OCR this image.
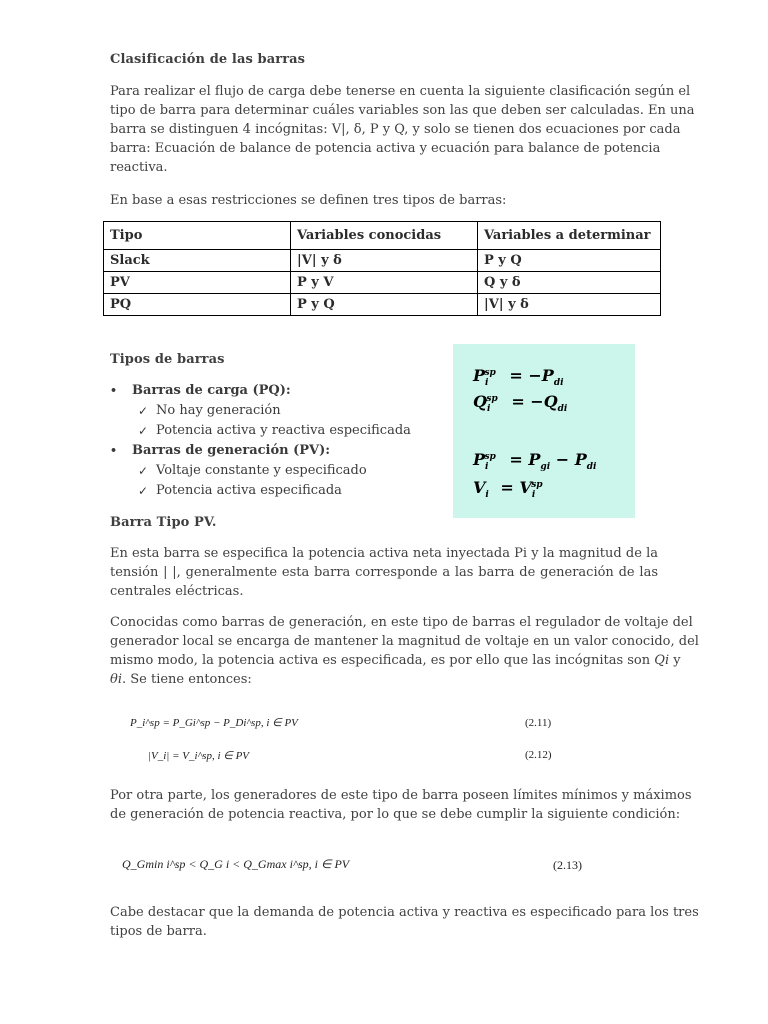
Clasificación de las barras
Para realizar el flujo de carga debe tenerse en cuenta la siguiente clasificación según el
tipo de barra para determinar cuáles variables son las que deben ser calculadas. En una
barra se distinguen 4 incógnitas: V|, δ, P y Q, y solo se tienen dos ecuaciones por cada
barra: Ecuación de balance de potencia activa y ecuación para balance de potencia
reactiva.
En base a esas restricciones se definen tres tipos de barras:
Tipo	Variables conocidas	Variables a determinar
Slack	|V| y δ	P y Q
PV	P y V	Q y δ
PQ	P y Q	|V| y δ
Tipos de barras
• Barras de carga (PQ):
✓ No hay generación
✓ Potencia activa y reactiva especificada
• Barras de generación (PV):
✓ Voltaje constante y especificado
✓ Potencia activa especificada
$P_i^{sp} = -P_{di}$
$Q_i^{sp} = -Q_{di}$
$P_i^{sp} = P_{gi} - P_{di}$
$V_i = V_i^{sp}$
Barra Tipo PV.
En esta barra se especifica la potencia activa neta inyectada Pi y la magnitud de la
tensión | |, generalmente esta barra corresponde a las barra de generación de las
centrales eléctricas.
Conocidas como barras de generación, en este tipo de barras el regulador de voltaje del
generador local se encarga de mantener la magnitud de voltaje en un valor conocido, del
mismo modo, la potencia activa es especificada, es por ello que las incógnitas son Qi y
θi. Se tiene entonces:
P_i^sp = P_Gi^sp − P_Di^sp, i ∈ PV	(2.11)
|V_i| = V_i^sp, i ∈ PV	(2.12)
Por otra parte, los generadores de este tipo de barra poseen límites mínimos y máximos
de generación de potencia reactiva, por lo que se debe cumplir la siguiente condición:
Q_Gmin i^sp < Q_G i < Q_Gmax i^sp, i ∈ PV	(2.13)
Cabe destacar que la demanda de potencia activa y reactiva es especificado para los tres
tipos de barra.
